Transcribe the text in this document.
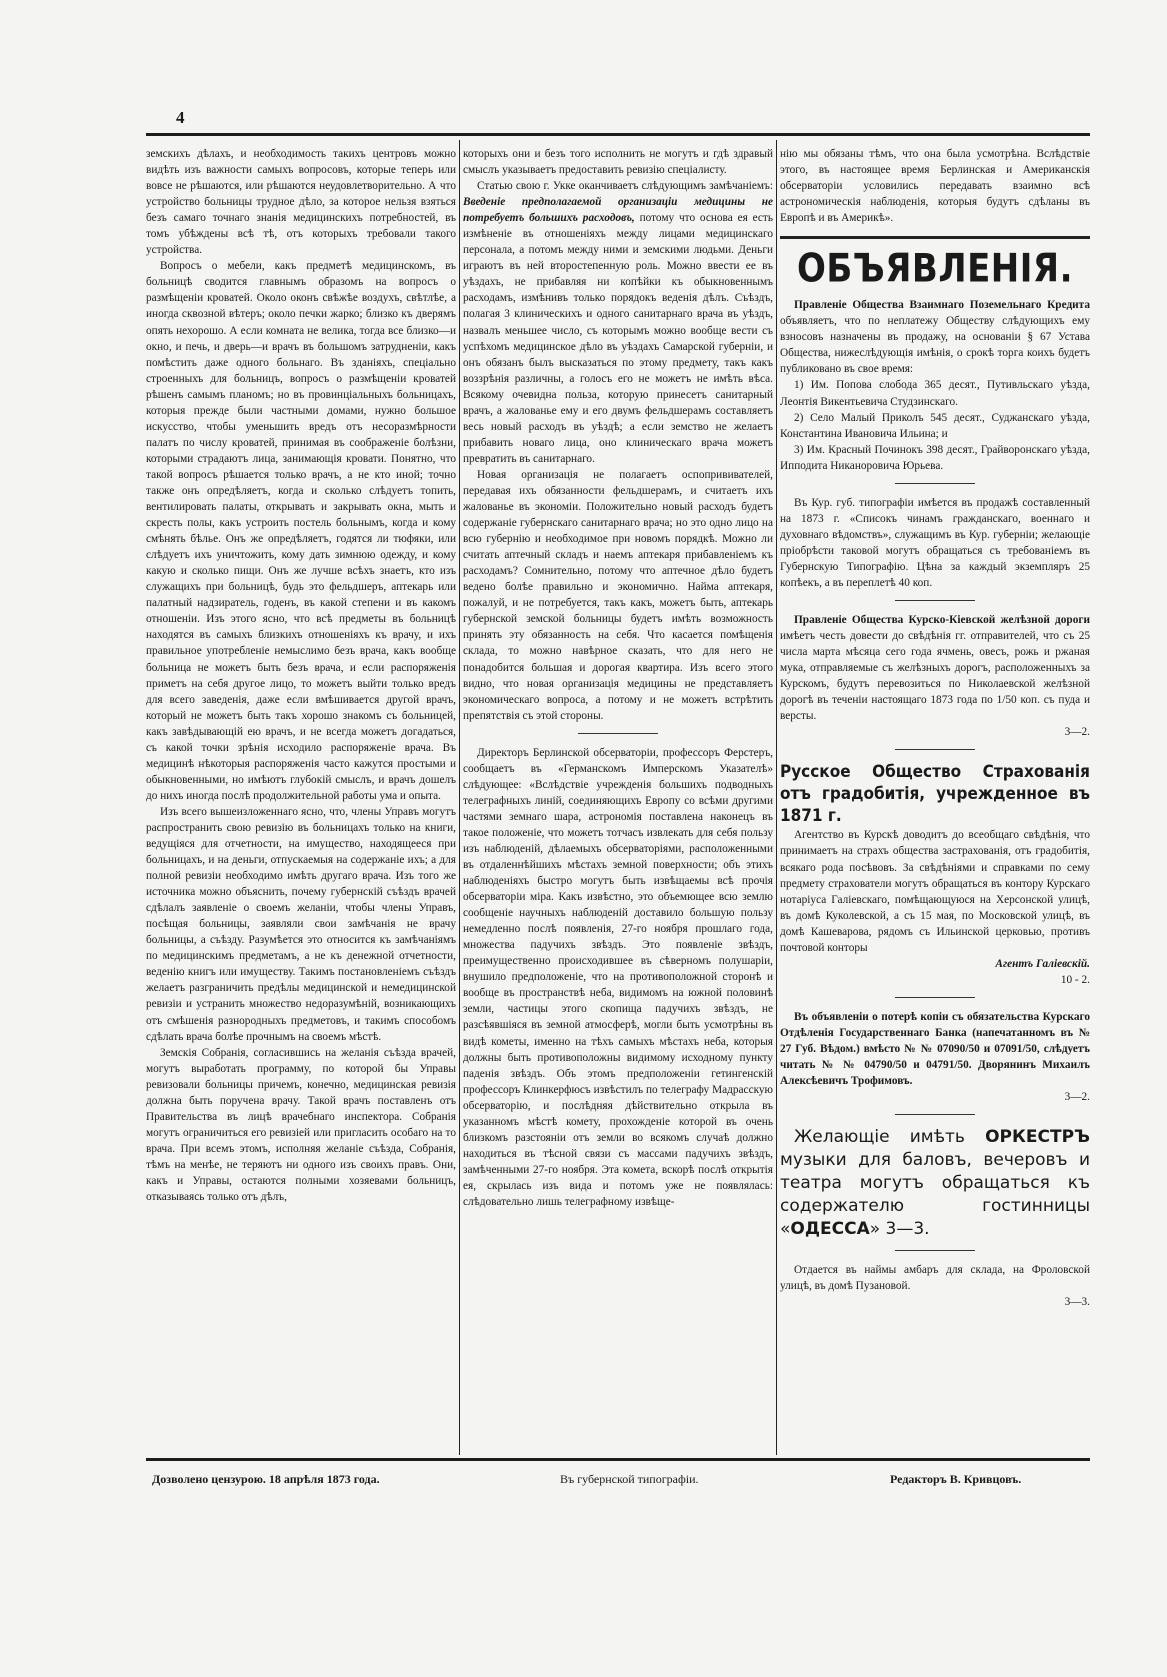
4

земскихъ дѣлахъ, и необходимость такихъ центровъ можно видѣть изъ важности самыхъ вопросовъ, которые теперь или вовсе не рѣшаются, или рѣшаются неудовлетворительно. А что устройство больницы трудное дѣло, за которое нельзя взяться безъ самаго точнаго знанія медицинскихъ потребностей, въ томъ убѣждены всѣ тѣ, отъ которыхъ требовали такого устройства.

Вопросъ о мебели, какъ предметѣ медицинскомъ, въ больницѣ сводится главнымъ образомъ на вопросъ о размѣщеніи кроватей. Около оконъ свѣжѣе воздухъ, свѣтлѣе, а иногда сквозной вѣтеръ; около печки жарко; близко къ дверямъ опять нехорошо. А если комната не велика, тогда все близко—и окно, и печь, и дверь—и врачъ въ большомъ затрудненіи, какъ помѣстить даже одного больнаго. Въ зданіяхъ, спеціально строенныхъ для больницъ, вопросъ о размѣщеніи кроватей рѣшенъ самымъ планомъ; но въ провинціальныхъ больницахъ, которыя прежде были частными домами, нужно большое искусство, чтобы уменьшить вредъ отъ несоразмѣрности палатъ по числу кроватей, принимая въ соображеніе болѣзни, которыми страдаютъ лица, занимающія кровати. Понятно, что такой вопросъ рѣшается только врачъ, а не кто иной; точно также онъ опредѣляетъ, когда и сколько слѣдуетъ топить, вентилировать палаты, открывать и закрывать окна, мыть и скресть полы, какъ устроить постель больнымъ, когда и кому смѣнять бѣлье. Онъ же опредѣляетъ, годятся ли тюфяки, или слѣдуетъ ихъ уничтожить, кому дать зимнюю одежду, и кому какую и сколько пищи. Онъ же лучше всѣхъ знаетъ, кто изъ служащихъ при больницѣ, будь это фельдшеръ, аптекарь или палатный надзиратель, годенъ, въ какой степени и въ какомъ отношеніи. Изъ этого ясно, что всѣ предметы въ больницѣ находятся въ самыхъ близкихъ отношеніяхъ къ врачу, и ихъ правильное употребленіе немыслимо безъ врача, какъ вообще больница не можетъ быть безъ врача, и если распоряженія приметъ на себя другое лицо, то можетъ выйти только вредъ для всего заведенія, даже если вмѣшивается другой врачъ, который не можетъ быть такъ хорошо знакомъ съ больницей, какъ завѣдывающій ею врачъ, и не всегда можетъ догадаться, съ какой точки зрѣнія исходило распоряженіе врача. Въ медицинѣ нѣкоторыя распоряженія часто кажутся простыми и обыкновенными, но имѣютъ глубокій смыслъ, и врачъ дошелъ до нихъ иногда послѣ продолжительной работы ума и опыта.

Изъ всего вышеизложеннаго ясно, что, члены Управъ могутъ распространить свою ревизію въ больницахъ только на книги, ведущіяся для отчетности, на имущество, находящееся при больницахъ, и на деньги, отпускаемыя на содержаніе ихъ; а для полной ревизіи необходимо имѣть другаго врача. Изъ того же источника можно объяснить, почему губернскій съѣздъ врачей сдѣлалъ заявленіе о своемъ желаніи, чтобы члены Управъ, посѣщая больницы, заявляли свои замѣчанія не врачу больницы, а съѣзду. Разумѣется это относится къ замѣчаніямъ по медицинскимъ предметамъ, а не къ денежной отчетности, веденію книгъ или имуществу. Такимъ постановленіемъ съѣздъ желаетъ разграничить предѣлы медицинской и немедицинской ревизіи и устранить множество недоразумѣній, возникающихъ отъ смѣшенія разнородныхъ предметовъ, и такимъ способомъ сдѣлать врача болѣе прочнымъ на своемъ мѣстѣ.

Земскія Собранія, согласившись на желанія съѣзда врачей, могутъ выработать программу, по которой бы Управы ревизовали больницы причемъ, конечно, медицинская ревизія должна быть поручена врачу. Такой врачъ поставленъ отъ Правительства въ лицѣ врачебнаго инспектора. Собранія могутъ ограничиться его ревизіей или пригласить особаго на то врача. При всемъ этомъ, исполняя желаніе съѣзда, Собранія, тѣмъ на менѣе, не теряютъ ни одного изъ своихъ правъ. Они, какъ и Управы, остаются полными хозяевами больницъ, отказываясь только отъ дѣлъ,

которыхъ они и безъ того исполнить не могутъ и гдѣ здравый смыслъ указываетъ предоставить ревизію спеціалисту.

Статью свою г. Укке оканчиваетъ слѣдующимъ замѣчаніемъ: Введеніе предполагаемой организаціи медицины не потребуетъ большихъ расходовъ, потому что основа ея есть измѣненіе въ отношеніяхъ между лицами медицинскаго персонала, а потомъ между ними и земскими людьми. Деньги играютъ въ ней второстепенную роль. Можно ввести ее въ уѣздахъ, не прибавляя ни копѣйки къ обыкновеннымъ расходамъ, измѣнивъ только порядокъ веденія дѣлъ. Съѣздъ, полагая 3 клиническихъ и одного санитарнаго врача въ уѣздъ, назвалъ меньшее число, съ которымъ можно вообще вести съ успѣхомъ медицинское дѣло въ уѣздахъ Самарской губерніи, и онъ обязанъ былъ высказаться по этому предмету, такъ какъ воззрѣнія различны, а голосъ его не можетъ не имѣть вѣса. Всякому очевидна польза, которую принесетъ санитарный врачъ, а жалованье ему и его двумъ фельдшерамъ составляетъ весь новый расходъ въ уѣздѣ; а если земство не желаетъ прибавить новаго лица, оно клиническаго врача можетъ превратить въ санитарнаго.

Новая организація не полагаетъ оспопрививателей, передавая ихъ обязанности фельдшерамъ, и считаетъ ихъ жалованье въ экономіи. Положительно новый расходъ будетъ содержаніе губернскаго санитарнаго врача; но это одно лицо на всю губернію и необходимое при новомъ порядкѣ. Можно ли считать аптечный складъ и наемъ аптекаря прибавленіемъ къ расходамъ? Сомнительно, потому что аптечное дѣло будетъ ведено болѣе правильно и экономично. Найма аптекаря, пожалуй, и не потребуется, такъ какъ, можетъ быть, аптекарь губернской земской больницы будетъ имѣть возможность принять эту обязанность на себя. Что касается помѣщенія склада, то можно навѣрное сказать, что для него не понадобится большая и дорогая квартира. Изъ всего этого видно, что новая организація медицины не представляетъ экономическаго вопроса, а потому и не можетъ встрѣтить препятствія съ этой стороны.

Директоръ Берлинской обсерваторіи, профессоръ Ферстеръ, сообщаетъ въ «Германскомъ Имперскомъ Указателѣ» слѣдующее: «Вслѣдствіе учрежденія большихъ подводныхъ телеграфныхъ линій, соединяющихъ Европу со всѣми другими частями земнаго шара, астрономія поставлена наконецъ въ такое положеніе, что можетъ тотчасъ извлекать для себя пользу изъ наблюденій, дѣлаемыхъ обсерваторіями, расположенными въ отдаленнѣйшихъ мѣстахъ земной поверхности; объ этихъ наблюденіяхъ быстро могутъ быть извѣщаемы всѣ прочія обсерваторіи міра. Какъ извѣстно, это объемющее всю землю сообщеніе научныхъ наблюденій доставило большую пользу немедленно послѣ появленія, 27-го ноября прошлаго года, множества падучихъ звѣздъ. Это появленіе звѣздъ, преимущественно происходившее въ сѣверномъ полушаріи, внушило предположеніе, что на противоположной сторонѣ и вообще въ пространствѣ неба, видимомъ на южной половинѣ земли, частицы этого скопища падучихъ звѣздъ, не разсѣявшіяся въ земной атмосферѣ, могли быть усмотрѣны въ видѣ кометы, именно на тѣхъ самыхъ мѣстахъ неба, которыя должны быть противоположны видимому исходному пункту паденія звѣздъ. Объ этомъ предположеніи гетингенскій профессоръ Клинкерфюсъ извѣстилъ по телеграфу Мадрасскую обсерваторію, и послѣдняя дѣйствительно открыла въ указанномъ мѣстѣ комету, прохожденіе которой въ очень близкомъ разстояніи отъ земли во всякомъ случаѣ должно находиться въ тѣсной связи съ массами падучихъ звѣздъ, замѣченными 27-го ноября. Эта комета, вскорѣ послѣ открытія ея, скрылась изъ вида и потомъ уже не появлялась: слѣдовательно лишь телеграфному извѣще-

нію мы обязаны тѣмъ, что она была усмотрѣна. Вслѣдствіе этого, въ настоящее время Берлинская и Американскія обсерваторіи условились передавать взаимно всѣ астрономическія наблюденія, которыя будутъ сдѣланы въ Европѣ и въ Америкѣ».

ОБЪЯВЛЕНІЯ.

Правленіе Общества Взаимнаго Поземельнаго Кредита объявляетъ, что по неплатежу Обществу слѣдующихъ ему взносовъ назначены въ продажу, на основаніи § 67 Устава Общества, нижеслѣдующія имѣнія, о срокѣ торга коихъ будетъ публиковано въ свое время:

1) Им. Попова слобода 365 десят., Путивльскаго уѣзда, Леонтія Викентьевича Студзинскаго.

2) Село Малый Приколъ 545 десят., Суджанскаго уѣзда, Константина Ивановича Ильина; и

3) Им. Красный Починокъ 398 десят., Грайворонскаго уѣзда, Ипподита Никаноровича Юрьева.

Въ Кур. губ. типографіи имѣется въ продажѣ составленный на 1873 г. «Списокъ чинамъ гражданскаго, военнаго и духовнаго вѣдомствъ», служащимъ въ Кур. губерніи; желающіе пріобрѣсти таковой могутъ обращаться съ требованіемъ въ Губернскую Типографію. Цѣна за каждый экземпляръ 25 копѣекъ, а въ переплетѣ 40 коп.

Правленіе Общества Курско-Кіевской желѣзной дороги имѣетъ честь довести до свѣдѣнія гг. отправителей, что съ 25 числа марта мѣсяца сего года ячмень, овесъ, рожь и ржаная мука, отправляемые съ желѣзныхъ дорогъ, расположенныхъ за Курскомъ, будутъ перевозиться по Николаевской желѣзной дорогѣ въ теченіи настоящаго 1873 года по 1/50 коп. съ пуда и версты.

3—2.
Русское Общество Страхованія отъ градобитія, учрежденное въ 1871 г.

Агентство въ Курскѣ доводитъ до всеобщаго свѣдѣнія, что принимаетъ на страхъ общества застрахованія, отъ градобитія, всякаго рода посѣвовъ. За свѣдѣніями и справками по сему предмету страхователи могутъ обращаться въ контору Курскаго нотаріуса Галіевскаго, помѣщающуюся на Херсонской улицѣ, въ домѣ Куколевской, а съ 15 мая, по Московской улицѣ, въ домѣ Кашеварова, рядомъ съ Ильинской церковью, противъ почтовой конторы

Агентъ Галіевскій.
10 - 2.

Въ объявленіи о потерѣ копіи съ обязательства Курскаго Отдѣленія Государственнаго Банка (напечатанномъ въ № 27 Губ. Вѣдом.) вмѣсто № № 07090/50 и 07091/50, слѣдуетъ читать № № 04790/50 и 04791/50. Дворянинъ Михаилъ Алексѣевичъ Трофимовъ.

3—2.

Желающіе имѣть ОРКЕСТРЪ музыки для баловъ, вечеровъ и театра могутъ обращаться къ содержателю гостинницы «ОДЕССА» 3—3.

Отдается въ наймы амбаръ для склада, на Фроловской улицѣ, въ домѣ Пузановой.

3—3.
Дозволено цензурою. 18 апрѣля 1873 года.	Въ губернской типографіи.	Редакторъ В. Кривцовъ.
